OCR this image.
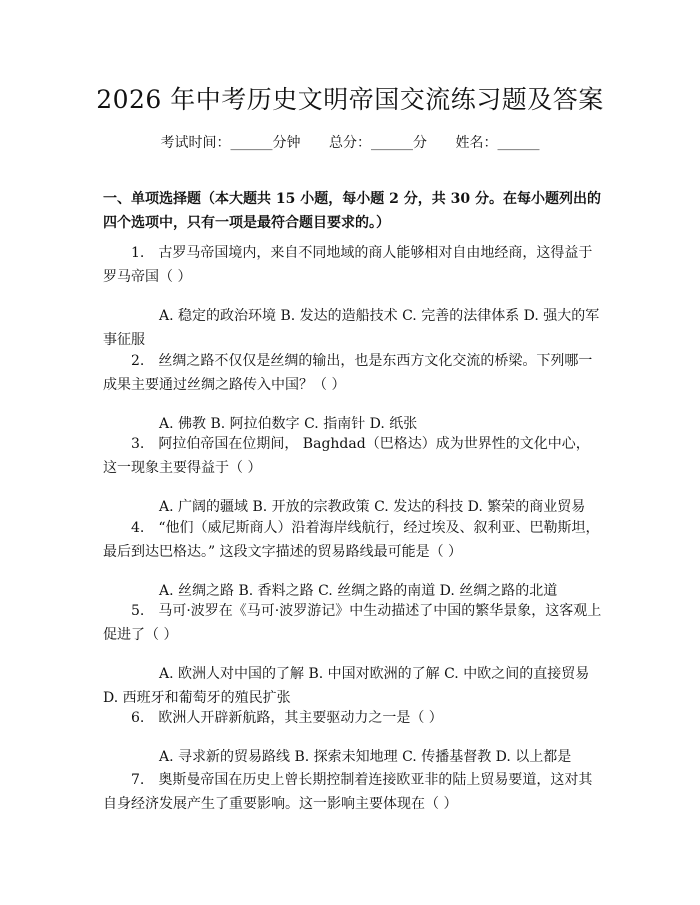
2026 年中考历史文明帝国交流练习题及答案
考试时间：______分钟 总分：______分 姓名：______
一、单项选择题（本大题共 15 小题，每小题 2 分，共 30 分。在每小题列出的四个选项中，只有一项是最符合题目要求的。）
1. 古罗马帝国境内，来自不同地域的商人能够相对自由地经商，这得益于罗马帝国（ ）
A. 稳定的政治环境 B. 发达的造船技术 C. 完善的法律体系 D. 强大的军事征服
2. 丝绸之路不仅仅是丝绸的输出，也是东西方文化交流的桥梁。下列哪一成果主要通过丝绸之路传入中国？（ ）
A. 佛教 B. 阿拉伯数字 C. 指南针 D. 纸张
3. 阿拉伯帝国在位期间， Baghdad（巴格达）成为世界性的文化中心，这一现象主要得益于（ ）
A. 广阔的疆域 B. 开放的宗教政策 C. 发达的科技 D. 繁荣的商业贸易
4. “他们（威尼斯商人）沿着海岸线航行，经过埃及、叙利亚、巴勒斯坦，最后到达巴格达。” 这段文字描述的贸易路线最可能是（ ）
A. 丝绸之路 B. 香料之路 C. 丝绸之路的南道 D. 丝绸之路的北道
5. 马可·波罗在《马可·波罗游记》中生动描述了中国的繁华景象，这客观上促进了（ ）
A. 欧洲人对中国的了解 B. 中国对欧洲的了解 C. 中欧之间的直接贸易 D. 西班牙和葡萄牙的殖民扩张
6. 欧洲人开辟新航路，其主要驱动力之一是（ ）
A. 寻求新的贸易路线 B. 探索未知地理 C. 传播基督教 D. 以上都是
7. 奥斯曼帝国在历史上曾长期控制着连接欧亚非的陆上贸易要道，这对其自身经济发展产生了重要影响。这一影响主要体现在（ ）
